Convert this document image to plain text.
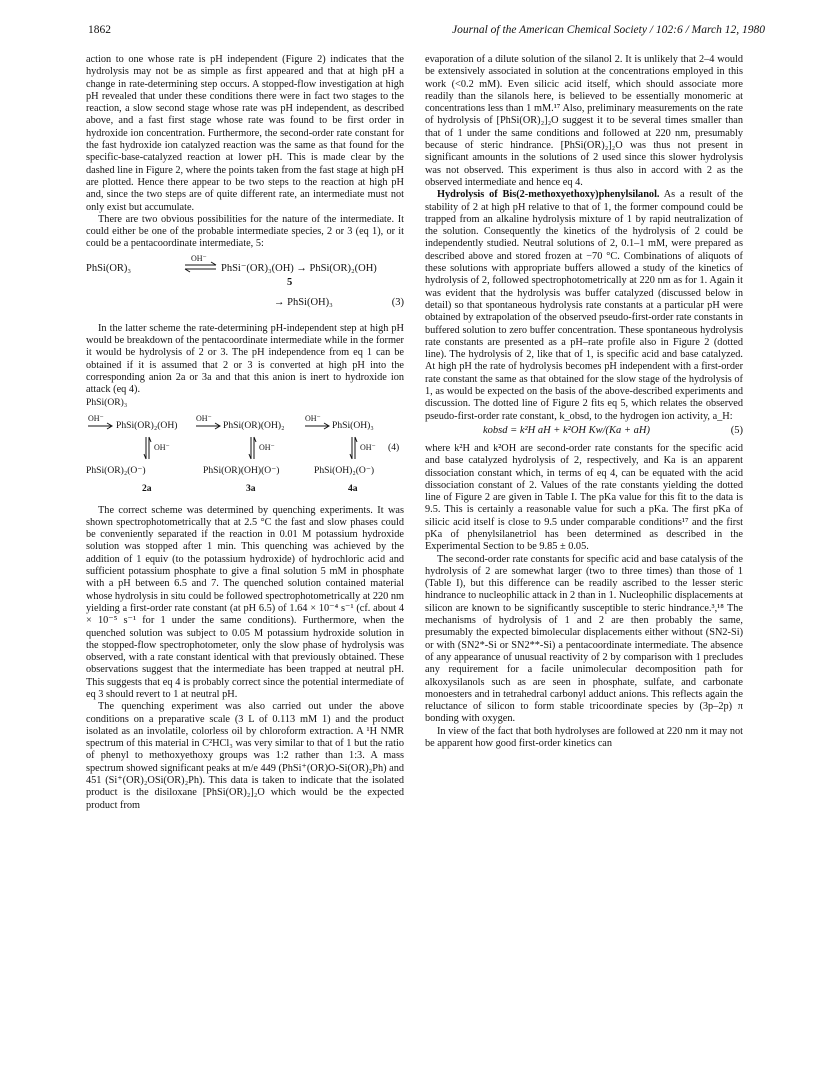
1862	Journal of the American Chemical Society / 102:6 / March 12, 1980

action to one whose rate is pH independent (Figure 2) indicates that the hydrolysis may not be as simple as first appeared and that at high pH a change in rate-determining step occurs. A stopped-flow investigation at high pH revealed that under these conditions there were in fact two stages to the reaction, a slow second stage whose rate was pH independent, as described above, and a fast first stage whose rate was found to be first order in hydroxide ion concentration. Furthermore, the second-order rate constant for the fast hydroxide ion catalyzed reaction was the same as that found for the specific-base-catalyzed reaction at lower pH. This is made clear by the dashed line in Figure 2, where the points taken from the fast stage at high pH are plotted. Hence there appear to be two steps to the reaction at high pH and, since the two steps are of quite different rate, an intermediate must not only exist but accumulate.

There are two obvious possibilities for the nature of the intermediate. It could either be one of the probable intermediate species, 2 or 3 (eq 1), or it could be a pentacoordinate intermediate, 5:

OH⁻
PhSi(OR)₃	PhSi⁻(OR)₃(OH) → PhSi(OR)₂(OH)
5
→ PhSi(OH)₃	(3)

In the latter scheme the rate-determining pH-independent step at high pH would be breakdown of the pentacoordinate intermediate while in the former it would be hydrolysis of 2 or 3. The pH independence from eq 1 can be obtained if it is assumed that 2 or 3 is converted at high pH into the corresponding anion 2a or 3a and that this anion is inert to hydroxide ion attack (eq 4).

PhSi(OR)₃
OH⁻	OH⁻	OH⁻
PhSi(OR)₂(OH)	PhSi(OR)(OH)₂	PhSi(OH)₃
OH⁻	OH⁻	OH⁻ (4)
PhSi(OR)₂(O⁻)	PhSi(OR)(OH)(O⁻)	PhSi(OH)₂(O⁻)
2a	3a	4a

The correct scheme was determined by quenching experiments. It was shown spectrophotometrically that at 2.5 °C the fast and slow phases could be conveniently separated if the reaction in 0.01 M potassium hydroxide solution was stopped after 1 min. This quenching was achieved by the addition of 1 equiv (to the potassium hydroxide) of hydrochloric acid and sufficient potassium phosphate to give a final solution 5 mM in phosphate with a pH between 6.5 and 7. The quenched solution contained material whose hydrolysis in situ could be followed spectrophotometrically at 220 nm yielding a first-order rate constant (at pH 6.5) of 1.64 × 10⁻⁴ s⁻¹ (cf. about 4 × 10⁻⁵ s⁻¹ for 1 under the same conditions). Furthermore, when the quenched solution was subject to 0.05 M potassium hydroxide solution in the stopped-flow spectrophotometer, only the slow phase of hydrolysis was observed, with a rate constant identical with that previously obtained. These observations suggest that the intermediate has been trapped at neutral pH. This suggests that eq 4 is probably correct since the potential intermediate of eq 3 should revert to 1 at neutral pH.

The quenching experiment was also carried out under the above conditions on a preparative scale (3 L of 0.113 mM 1) and the product isolated as an involatile, colorless oil by chloroform extraction. A ¹H NMR spectrum of this material in C²HCl₃ was very similar to that of 1 but the ratio of phenyl to methoxyethoxy groups was 1:2 rather than 1:3. A mass spectrum showed significant peaks at m/e 449 (PhSi⁺(OR)O-Si(OR)₂Ph) and 451 (Si⁺(OR)₂OSi(OR)₂Ph). This data is taken to indicate that the isolated product is the disiloxane [PhSi(OR)₂]₂O which would be the expected product from

evaporation of a dilute solution of the silanol 2. It is unlikely that 2–4 would be extensively associated in solution at the concentrations employed in this work (<0.2 mM). Even silicic acid itself, which should associate more readily than the silanols here, is believed to be essentially monomeric at concentrations less than 1 mM.¹⁷ Also, preliminary measurements on the rate of hydrolysis of [PhSi(OR)₂]₂O suggest it to be several times smaller than that of 1 under the same conditions and followed at 220 nm, presumably because of steric hindrance. [PhSi(OR)₂]₂O was thus not present in significant amounts in the solutions of 2 used since this slower hydrolysis was not observed. This experiment is thus also in accord with 2 as the observed intermediate and hence eq 4.

Hydrolysis of Bis(2-methoxyethoxy)phenylsilanol. As a result of the stability of 2 at high pH relative to that of 1, the former compound could be trapped from an alkaline hydrolysis mixture of 1 by rapid neutralization of the solution. Consequently the kinetics of the hydrolysis of 2 could be independently studied. Neutral solutions of 2, 0.1–1 mM, were prepared as described above and stored frozen at −70 °C. Combinations of aliquots of these solutions with appropriate buffers allowed a study of the kinetics of hydrolysis of 2, followed spectrophotometrically at 220 nm as for 1. Again it was evident that the hydrolysis was buffer catalyzed (discussed below in detail) so that spontaneous hydrolysis rate constants at a particular pH were obtained by extrapolation of the observed pseudo-first-order rate constants in buffered solution to zero buffer concentration. These spontaneous hydrolysis rate constants are presented as a pH–rate profile also in Figure 2 (dotted line). The hydrolysis of 2, like that of 1, is specific acid and base catalyzed. At high pH the rate of hydrolysis becomes pH independent with a first-order rate constant the same as that obtained for the slow stage of the hydrolysis of 1, as would be expected on the basis of the above-described experiments and discussion. The dotted line of Figure 2 fits eq 5, which relates the observed pseudo-first-order rate constant, k_obsd, to the hydrogen ion activity, a_H:

kobsd = k²H aH + k²OH Kw/(Ka + aH)	(5)

where k²H and k²OH are second-order rate constants for the specific acid and base catalyzed hydrolysis of 2, respectively, and Ka is an apparent dissociation constant which, in terms of eq 4, can be equated with the acid dissociation constant of 2. Values of the rate constants yielding the dotted line of Figure 2 are given in Table I. The pKa value for this fit to the data is 9.5. This is certainly a reasonable value for such a pKa. The first pKa of silicic acid itself is close to 9.5 under comparable conditions¹⁷ and the first pKa of phenylsilanetriol has been determined as described in the Experimental Section to be 9.85 ± 0.05.

The second-order rate constants for specific acid and base catalysis of the hydrolysis of 2 are somewhat larger (two to three times) than those of 1 (Table I), but this difference can be readily ascribed to the lesser steric hindrance to nucleophilic attack in 2 than in 1. Nucleophilic displacements at silicon are known to be significantly susceptible to steric hindrance.³,¹⁸ The mechanisms of hydrolysis of 1 and 2 are then probably the same, presumably the expected bimolecular displacements either without (SN2-Si) or with (SN2*-Si or SN2**-Si) a pentacoordinate intermediate. The absence of any appearance of unusual reactivity of 2 by comparison with 1 precludes any requirement for a facile unimolecular decomposition path for alkoxysilanols such as are seen in phosphate, sulfate, and carbonate monoesters and in tetrahedral carbonyl adduct anions. This reflects again the reluctance of silicon to form stable tricoordinate species by (3p–2p) π bonding with oxygen.

In view of the fact that both hydrolyses are followed at 220 nm it may not be apparent how good first-order kinetics can
